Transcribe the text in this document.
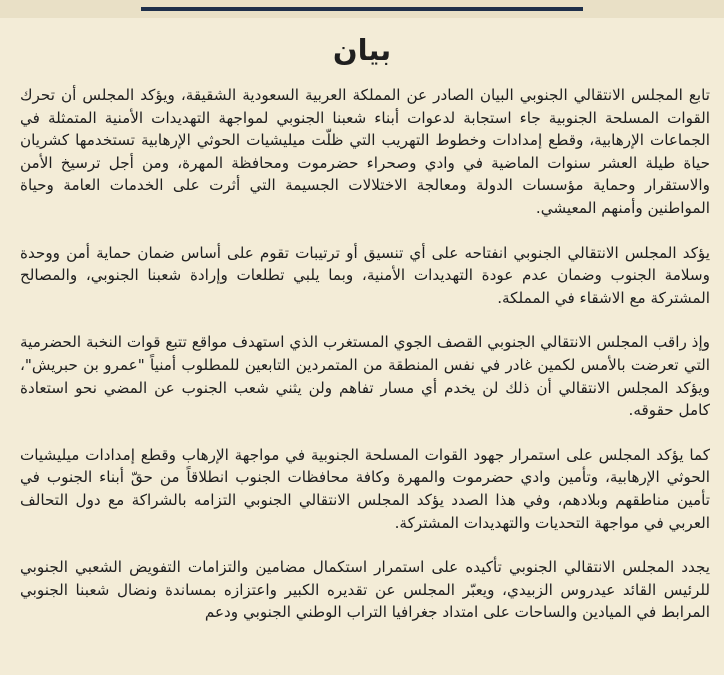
بيان

تابع المجلس الانتقالي الجنوبي البيان الصادر عن المملكة العربية السعودية الشقيقة، ويؤكد المجلس أن تحرك القوات المسلحة الجنوبية جاء استجابة لدعوات أبناء شعبنا الجنوبي لمواجهة التهديدات الأمنية المتمثلة في الجماعات الإرهابية، وقطع إمدادات وخطوط التهريب التي ظلّت ميليشيات الحوثي الإرهابية تستخدمها كشريان حياة طيلة العشر سنوات الماضية في وادي وصحراء حضرموت ومحافظة المهرة، ومن أجل ترسيخ الأمن والاستقرار وحماية مؤسسات الدولة ومعالجة الاختلالات الجسيمة التي أثرت على الخدمات العامة وحياة المواطنين وأمنهم المعيشي.

يؤكد المجلس الانتقالي الجنوبي انفتاحه على أي تنسيق أو ترتيبات تقوم على أساس ضمان حماية أمن ووحدة وسلامة الجنوب وضمان عدم عودة التهديدات الأمنية، وبما يلبي تطلعات وإرادة شعبنا الجنوبي، والمصالح المشتركة مع الاشقاء في المملكة.

وإذ راقب المجلس الانتقالي الجنوبي القصف الجوي المستغرب الذي استهدف مواقع تتبع قوات النخبة الحضرمية التي تعرضت بالأمس لكمين غادر في نفس المنطقة من المتمردين التابعين للمطلوب أمنياً "عمرو بن حبريش"، ويؤكد المجلس الانتقالي أن ذلك لن يخدم أي مسار تفاهم ولن يثني شعب الجنوب عن المضي نحو استعادة كامل حقوقه.

كما يؤكد المجلس على استمرار جهود القوات المسلحة الجنوبية في مواجهة الإرهاب وقطع إمدادات ميليشيات الحوثي الإرهابية، وتأمين وادي حضرموت والمهرة وكافة محافظات الجنوب انطلاقاً من حقّ أبناء الجنوب في تأمين مناطقهم وبلادهم، وفي هذا الصدد يؤكد المجلس الانتقالي الجنوبي التزامه بالشراكة مع دول التحالف العربي في مواجهة التحديات والتهديدات المشتركة.

يجدد المجلس الانتقالي الجنوبي تأكيده على استمرار استكمال مضامين والتزامات التفويض الشعبي الجنوبي للرئيس القائد عيدروس الزبيدي، ويعبّر المجلس عن تقديره الكبير واعتزازه بمساندة ونضال شعبنا الجنوبي المرابط في الميادين والساحات على امتداد جغرافيا التراب الوطني الجنوبي ودعم
